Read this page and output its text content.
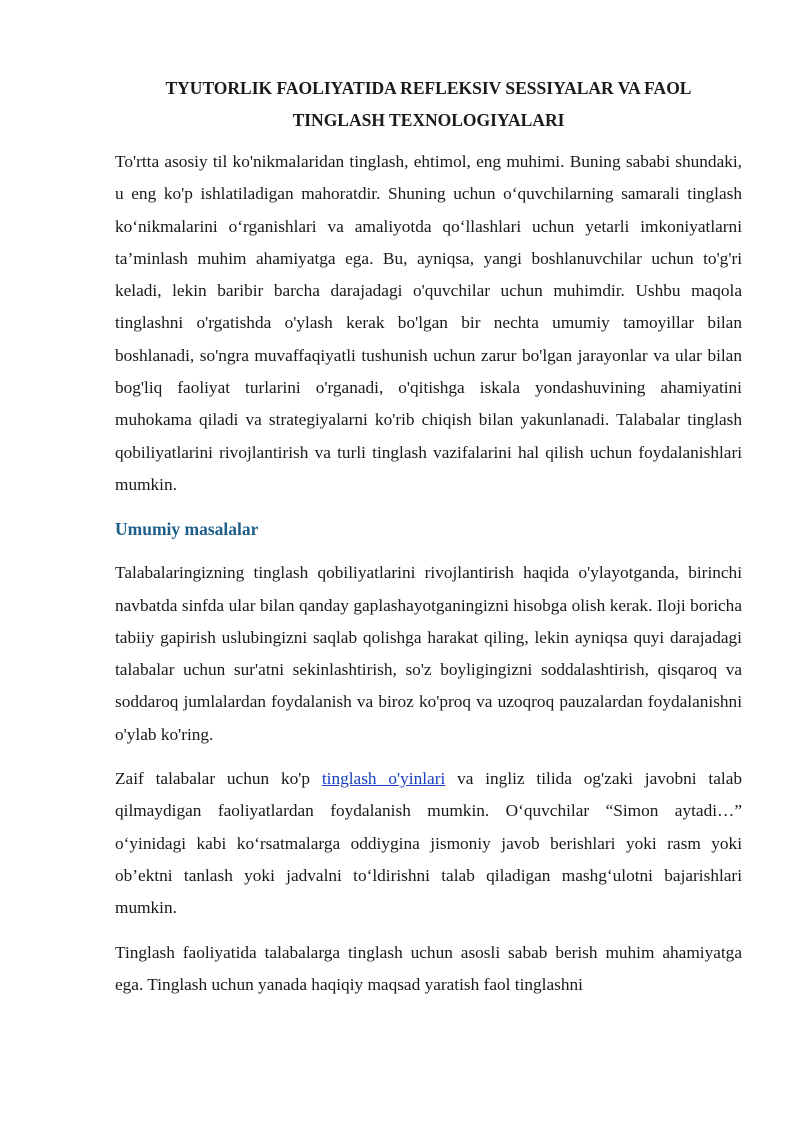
TYUTORLIK FAOLIYATIDA REFLEKSIV SESSIYALAR VA FAOL
TINGLASH TEXNOLOGIYALARI

To'rtta asosiy til ko'nikmalaridan tinglash, ehtimol, eng muhimi. Buning sababi shundaki, u eng ko'p ishlatiladigan mahoratdir. Shuning uchun o‘quvchilarning samarali tinglash ko‘nikmalarini o‘rganishlari va amaliyotda qo‘llashlari uchun yetarli imkoniyatlarni ta’minlash muhim ahamiyatga ega. Bu, ayniqsa, yangi boshlanuvchilar uchun to'g'ri keladi, lekin baribir barcha darajadagi o'quvchilar uchun muhimdir. Ushbu maqola tinglashni o'rgatishda o'ylash kerak bo'lgan bir nechta umumiy tamoyillar bilan boshlanadi, so'ngra muvaffaqiyatli tushunish uchun zarur bo'lgan jarayonlar va ular bilan bog'liq faoliyat turlarini o'rganadi, o'qitishga iskala yondashuvining ahamiyatini muhokama qiladi va strategiyalarni ko'rib chiqish bilan yakunlanadi. Talabalar tinglash qobiliyatlarini rivojlantirish va turli tinglash vazifalarini hal qilish uchun foydalanishlari mumkin.

Umumiy masalalar

Talabalaringizning tinglash qobiliyatlarini rivojlantirish haqida o'ylayotganda, birinchi navbatda sinfda ular bilan qanday gaplashayotganingizni hisobga olish kerak. Iloji boricha tabiiy gapirish uslubingizni saqlab qolishga harakat qiling, lekin ayniqsa quyi darajadagi talabalar uchun sur'atni sekinlashtirish, so'z boyligingizni soddalashtirish, qisqaroq va soddaroq jumlalardan foydalanish va biroz ko'proq va uzoqroq pauzalardan foydalanishni o'ylab ko'ring.

Zaif talabalar uchun ko'p tinglash o'yinlari va ingliz tilida og'zaki javobni talab qilmaydigan faoliyatlardan foydalanish mumkin. O‘quvchilar “Simon aytadi…” o‘yinidagi kabi ko‘rsatmalarga oddiygina jismoniy javob berishlari yoki rasm yoki ob’ektni tanlash yoki jadvalni to‘ldirishni talab qiladigan mashg‘ulotni bajarishlari mumkin.

Tinglash faoliyatida talabalarga tinglash uchun asosli sabab berish muhim ahamiyatga ega. Tinglash uchun yanada haqiqiy maqsad yaratish faol tinglashni
